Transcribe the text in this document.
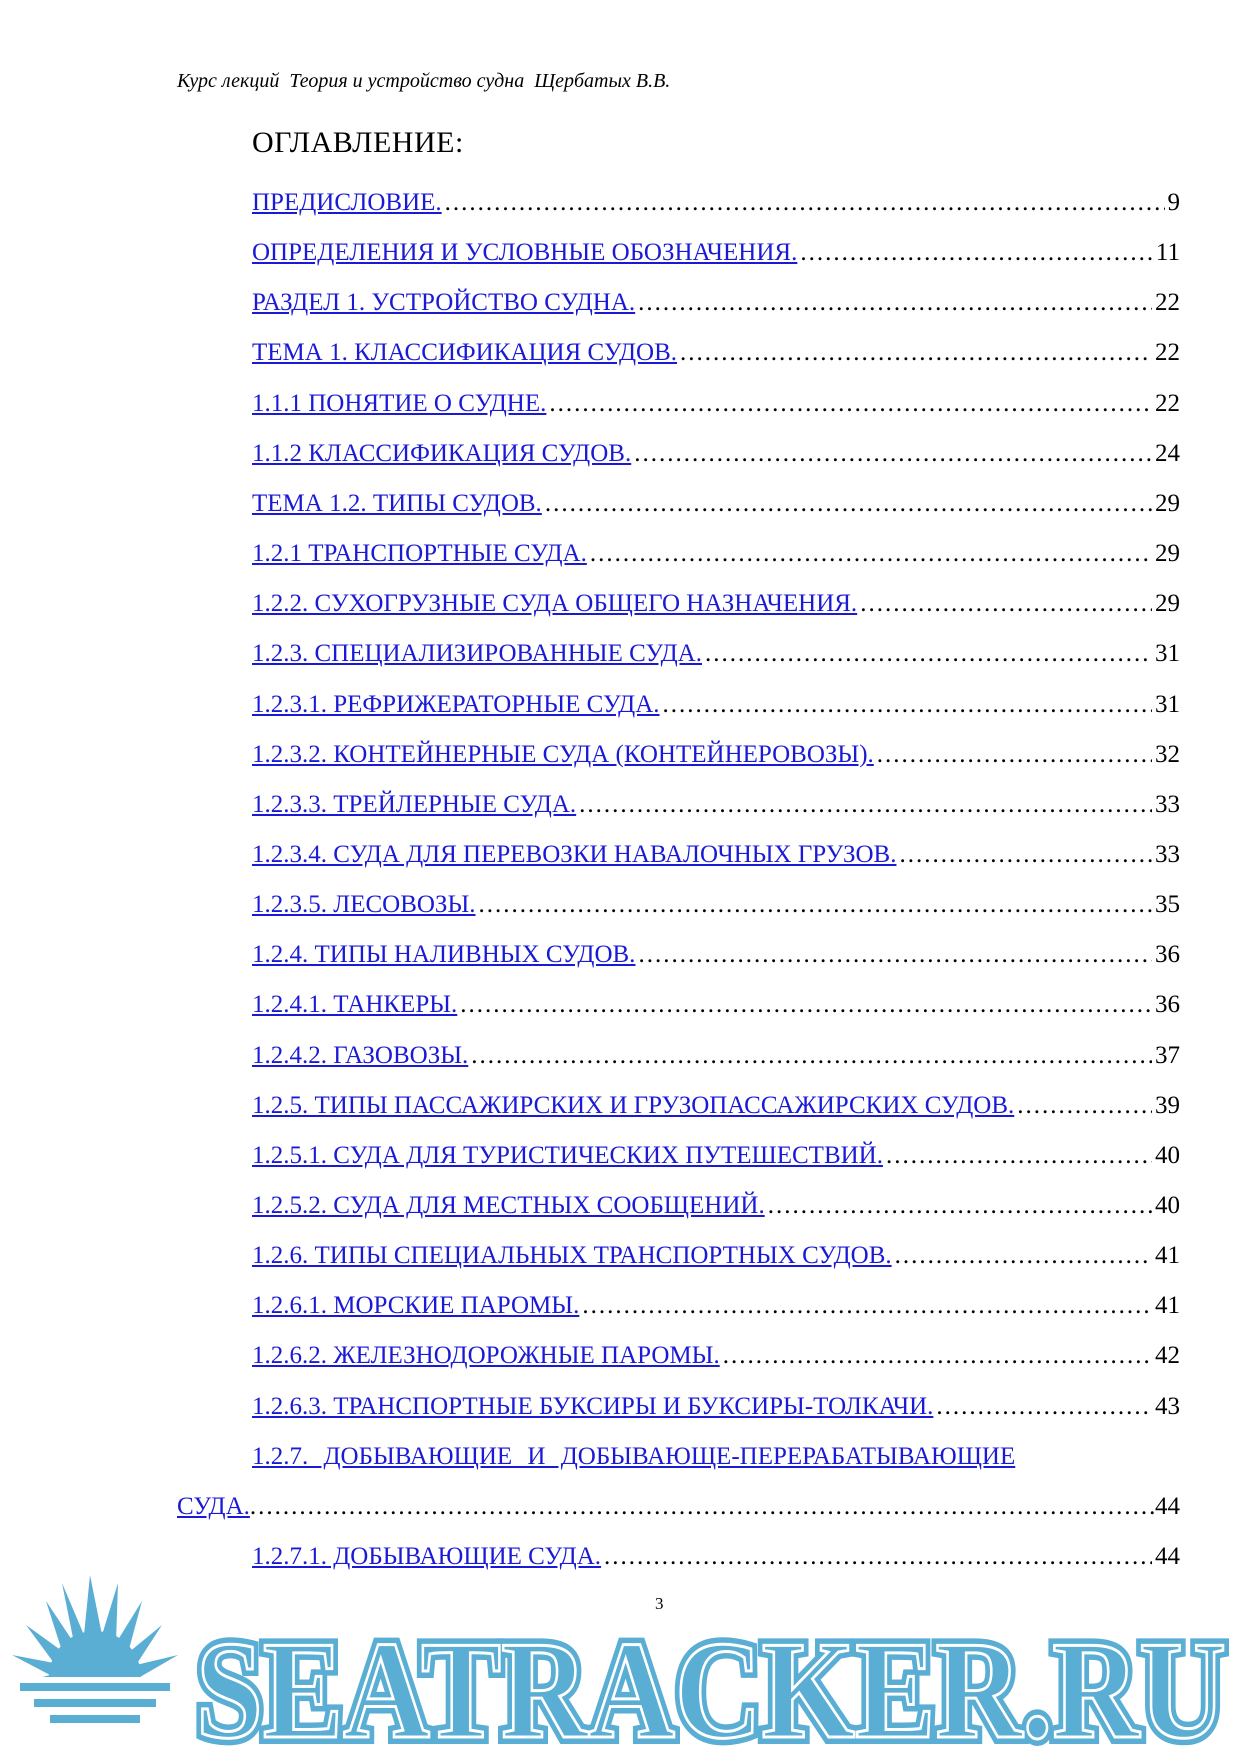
Курс лекций  Теория и устройство судна  Щербатых В.В.
ОГЛАВЛЕНИЕ:
ПРЕДИСЛОВИЕ. .....	9
ОПРЕДЕЛЕНИЯ И УСЛОВНЫЕ ОБОЗНАЧЕНИЯ. .....	11
РАЗДЕЛ 1. УСТРОЙСТВО СУДНА. .....	22
ТЕМА 1. КЛАССИФИКАЦИЯ СУДОВ. .....	22
1.1.1 ПОНЯТИЕ О СУДНЕ. .....	22
1.1.2 КЛАССИФИКАЦИЯ СУДОВ. .....	24
ТЕМА 1.2. ТИПЫ СУДОВ. .....	29
1.2.1 ТРАНСПОРТНЫЕ СУДА. .....	29
1.2.2. СУХОГРУЗНЫЕ СУДА ОБЩЕГО НАЗНАЧЕНИЯ. .....	29
1.2.3. СПЕЦИАЛИЗИРОВАННЫЕ СУДА. .....	31
1.2.3.1. РЕФРИЖЕРАТОРНЫЕ СУДА. .....	31
1.2.3.2. КОНТЕЙНЕРНЫЕ СУДА (КОНТЕЙНЕРОВОЗЫ). .....	32
1.2.3.3. ТРЕЙЛЕРНЫЕ СУДА. .....	33
1.2.3.4. СУДА ДЛЯ ПЕРЕВОЗКИ НАВАЛОЧНЫХ ГРУЗОВ. .....	33
1.2.3.5. ЛЕСОВОЗЫ. .....	35
1.2.4. ТИПЫ НАЛИВНЫХ СУДОВ. .....	36
1.2.4.1. ТАНКЕРЫ. .....	36
1.2.4.2. ГАЗОВОЗЫ. .....	37
1.2.5. ТИПЫ ПАССАЖИРСКИХ И ГРУЗОПАССАЖИРСКИХ СУДОВ. .....	39
1.2.5.1. СУДА ДЛЯ ТУРИСТИЧЕСКИХ ПУТЕШЕСТВИЙ. .....	40
1.2.5.2. СУДА ДЛЯ МЕСТНЫХ СООБЩЕНИЙ. .....	40
1.2.6. ТИПЫ СПЕЦИАЛЬНЫХ ТРАНСПОРТНЫХ СУДОВ. .....	41
1.2.6.1. МОРСКИЕ ПАРОМЫ. .....	41
1.2.6.2. ЖЕЛЕЗНОДОРОЖНЫЕ ПАРОМЫ. .....	42
1.2.6.3. ТРАНСПОРТНЫЕ БУКСИРЫ И БУКСИРЫ-ТОЛКАЧИ. .....	43
1.2.7. ДОБЫВАЮЩИЕ И ДОБЫВАЮЩЕ-ПЕРЕРАБАТЫВАЮЩИЕ
СУДА. .....	44
1.2.7.1. ДОБЫВАЮЩИЕ СУДА. .....	44
SEATRACKER.RU
SEATRACKER.RU
3
